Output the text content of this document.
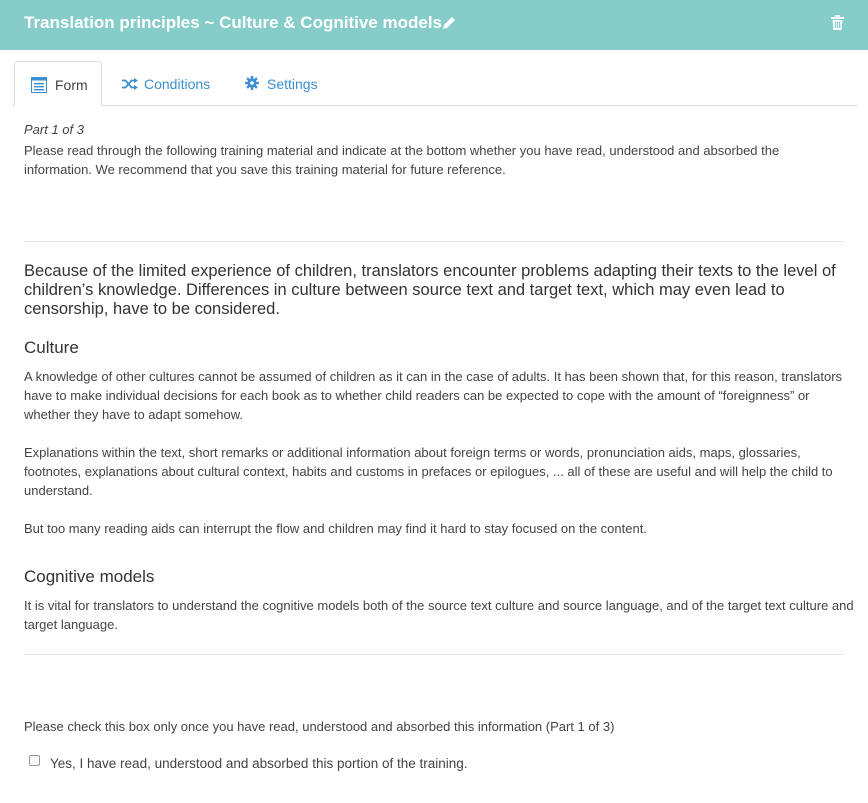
Translation principles ~ Culture & Cognitive models
Form	Conditions	Settings
Part 1 of 3
Please read through the following training material and indicate at the bottom whether you have read, understood and absorbed the information. We recommend that you save this training material for future reference.
Because of the limited experience of children, translators encounter problems adapting their texts to the level of children’s knowledge. Differences in culture between source text and target text, which may even lead to censorship, have to be considered.
Culture
A knowledge of other cultures cannot be assumed of children as it can in the case of adults. It has been shown that, for this reason, translators have to make individual decisions for each book as to whether child readers can be expected to cope with the amount of “foreignness” or whether they have to adapt somehow.
Explanations within the text, short remarks or additional information about foreign terms or words, pronunciation aids, maps, glossaries, footnotes, explanations about cultural context, habits and customs in prefaces or epilogues, ... all of these are useful and will help the child to understand.
But too many reading aids can interrupt the flow and children may find it hard to stay focused on the content.
Cognitive models
It is vital for translators to understand the cognitive models both of the source text culture and source language, and of the target text culture and target language.
Please check this box only once you have read, understood and absorbed this information (Part 1 of 3)
Yes, I have read, understood and absorbed this portion of the training.
